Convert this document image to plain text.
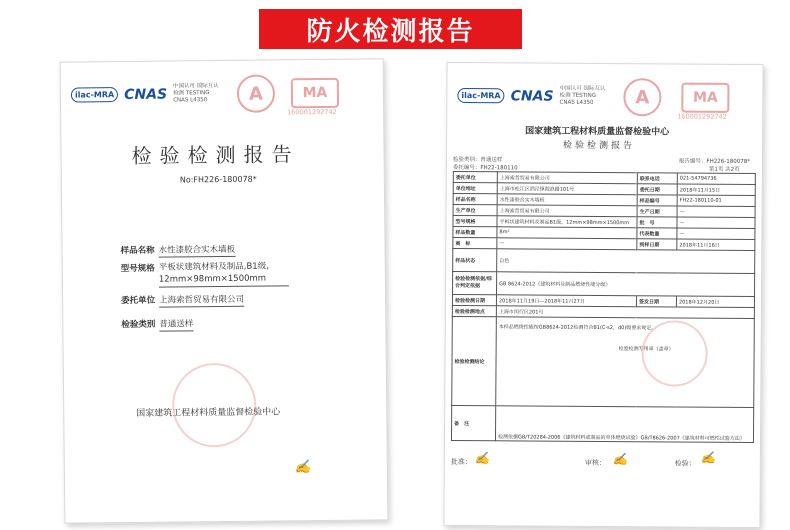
防火检测报告
ilac-MRA CNAS 中国认可 国际互认 检测 TESTING CNAS L4350	A	MA
160001292742
检验检测报告
No:FH226-180078*
样品名称 水性漆胶合实木墙板
型号规格 平板状建筑材料及制品,B1级，12mm×98mm×1500mm
委托单位 上海索哲贸易有限公司
检验类别 普通送样
国家建筑工程材料质量监督检验中心
✍
ilac-MRA CNAS 中国认可 国际互认 检测 TESTING CNAS L4350	A	MA
160001292742
国家建筑工程材料质量监督检验中心
检验检测报告
检验类别：普通送样
委托编号：FH22-180110
报告编号：FH226-180078*
第1页 共2页
委托单位	上海索哲贸易有限公司	联系电话	021-54794736
单位地址	上海市松江区泗泾镇鼓浪路101号	委托日期	2018年11月15日
样品名称	水性漆胶合实木墙板	样品编号	FH22-180110-01
生产单位	上海索哲贸易有限公司	生产日期	—
型号规格	平板状建筑材料及制品B1级，12mm×98mm×1500mm	批　号	—
样品数量	8m²	代表数量	—
商　标	—	到样日期	2018年11月16日
样品状态	自色		
检验检测依据/综合判定依据	GB 8624-2012《建筑材料及制品燃烧性能分级》		
检验检测日期	2018年11月19日—2018年11月27日	签发日期	2018年12月20日
检验检测地点	上海市闵行区201号		
检验检测结论	本样品燃烧性能按GB8624-2012检测符合B1(C-s2，d0)级要求规定。
检验检测专用章（盖章）		

备　注	检测依据GB/T20284-2006《建筑材料或制品的单体燃烧试验》GB/T8626-2007《建筑材料可燃性试验方法》		
批准：	审核：	检验：
✍	✍	✍
